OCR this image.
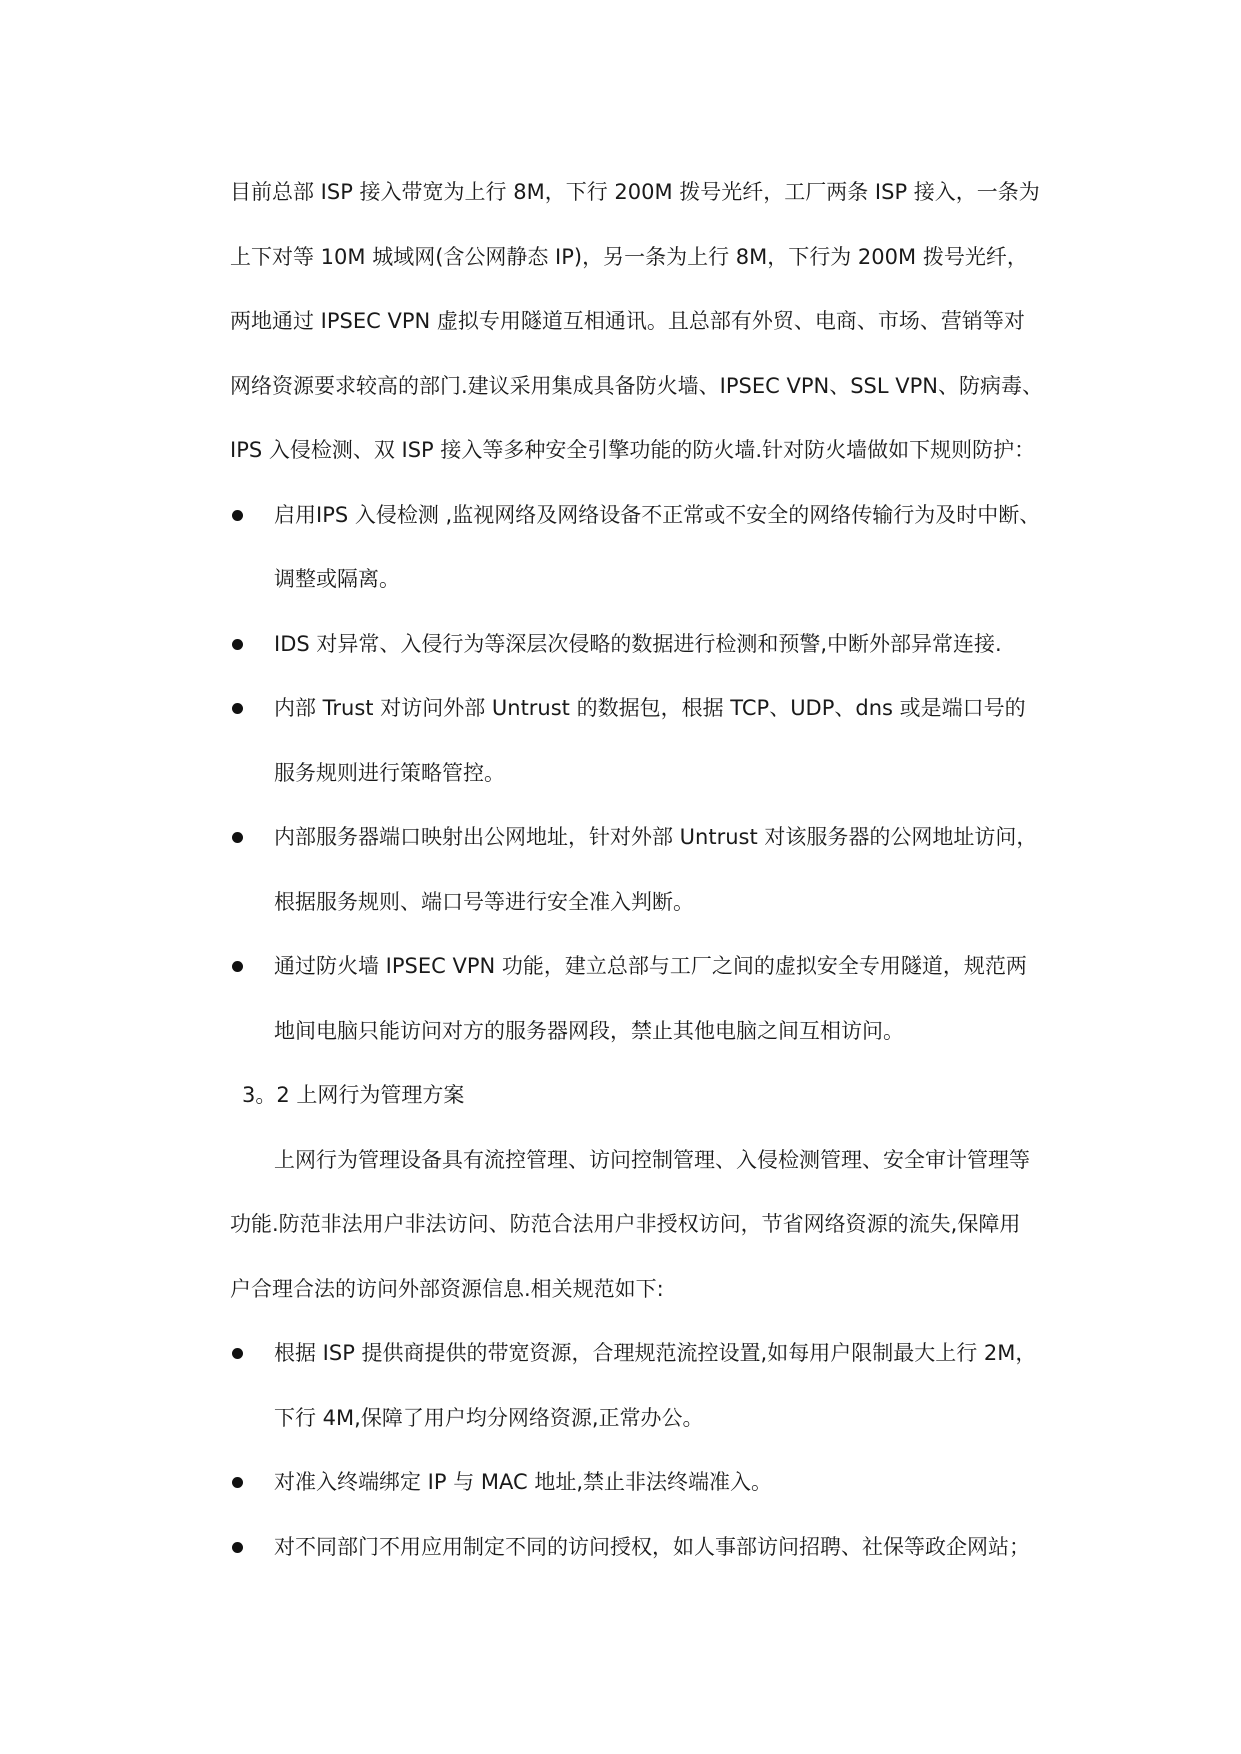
目前总部 ISP 接入带宽为上行 8M，下行 200M 拨号光纤，工厂两条 ISP 接入，一条为
上下对等 10M 城域网(含公网静态 IP)，另一条为上行 8M，下行为 200M 拨号光纤，
两地通过 IPSEC VPN 虚拟专用隧道互相通讯。且总部有外贸、电商、市场、营销等对
网络资源要求较高的部门.建议采用集成具备防火墙、IPSEC VPN、SSL VPN、防病毒、
IPS 入侵检测、双 ISP 接入等多种安全引擎功能的防火墙.针对防火墙做如下规则防护：
启用IPS 入侵检测 ,监视网络及网络设备不正常或不安全的网络传输行为及时中断、
调整或隔离。
IDS 对异常、入侵行为等深层次侵略的数据进行检测和预警,中断外部异常连接.
内部 Trust 对访问外部 Untrust 的数据包，根据 TCP、UDP、dns 或是端口号的
服务规则进行策略管控。
内部服务器端口映射出公网地址，针对外部 Untrust 对该服务器的公网地址访问，
根据服务规则、端口号等进行安全准入判断。
通过防火墙 IPSEC VPN 功能，建立总部与工厂之间的虚拟安全专用隧道，规范两
地间电脑只能访问对方的服务器网段，禁止其他电脑之间互相访问。
3。2 上网行为管理方案
上网行为管理设备具有流控管理、访问控制管理、入侵检测管理、安全审计管理等
功能.防范非法用户非法访问、防范合法用户非授权访问，节省网络资源的流失,保障用
户合理合法的访问外部资源信息.相关规范如下:
根据 ISP 提供商提供的带宽资源，合理规范流控设置,如每用户限制最大上行 2M，
下行 4M,保障了用户均分网络资源,正常办公。
对准入终端绑定 IP 与 MAC 地址,禁止非法终端准入。
对不同部门不用应用制定不同的访问授权，如人事部访问招聘、社保等政企网站；
